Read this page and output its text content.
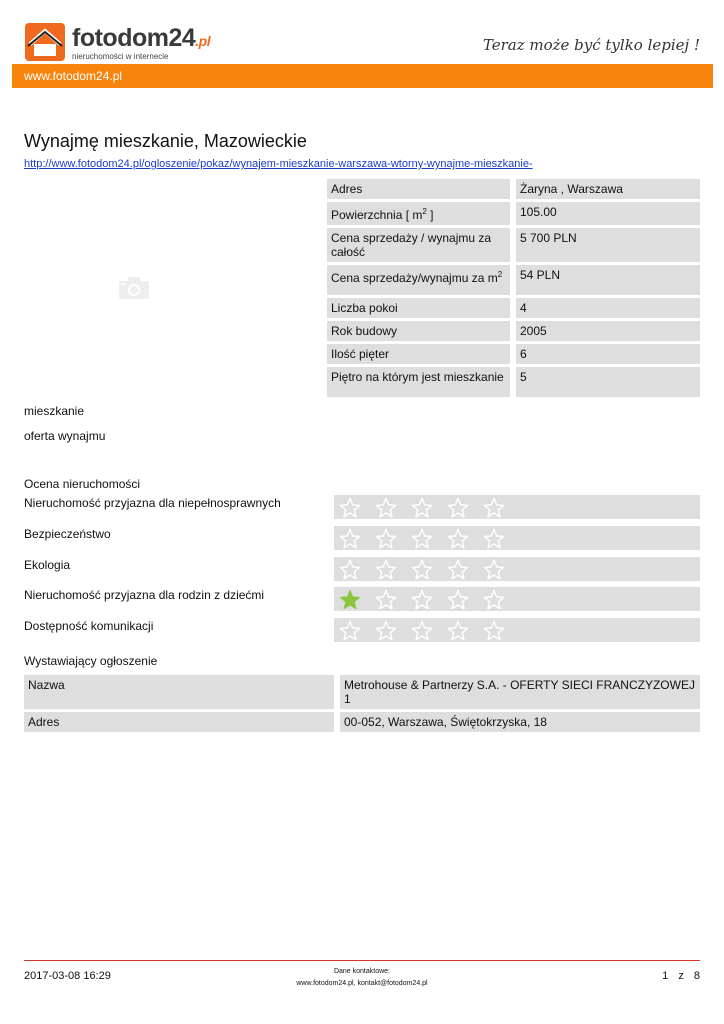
fotodom24.pl
nieruchomości w internecie
Teraz może być tylko lepiej !
www.fotodom24.pl
Wynajmę mieszkanie, Mazowieckie
http://www.fotodom24.pl/ogloszenie/pokaz/wynajem-mieszkanie-warszawa-wtorny-wynajme-mieszkanie-
Adres	Żaryna , Warszawa
Powierzchnia [ $m^2$ ]	105.00
Cena sprzedaży / wynajmu za całość	5 700 PLN
Cena sprzedaży/wynajmu za $m^2$	54 PLN
Liczba pokoi	4
Rok budowy	2005
Ilość pięter	6
Piętro na którym jest mieszkanie	5
mieszkanie
oferta wynajmu
Ocena nieruchomości
Nieruchomość przyjazna dla niepełnosprawnych
Bezpieczeństwo
Ekologia
Nieruchomość przyjazna dla rodzin z dziećmi
Dostępność komunikacji
Wystawiający ogłoszenie
Nazwa	Metrohouse & Partnerzy S.A. - OFERTY SIECI FRANCZYZOWEJ 1
Adres	00-052, Warszawa, Świętokrzyska, 18
2017-03-08 16:29	Dane kontaktowe:
www.fotodom24.pl, kontakt@fotodom24.pl
1 z 8
